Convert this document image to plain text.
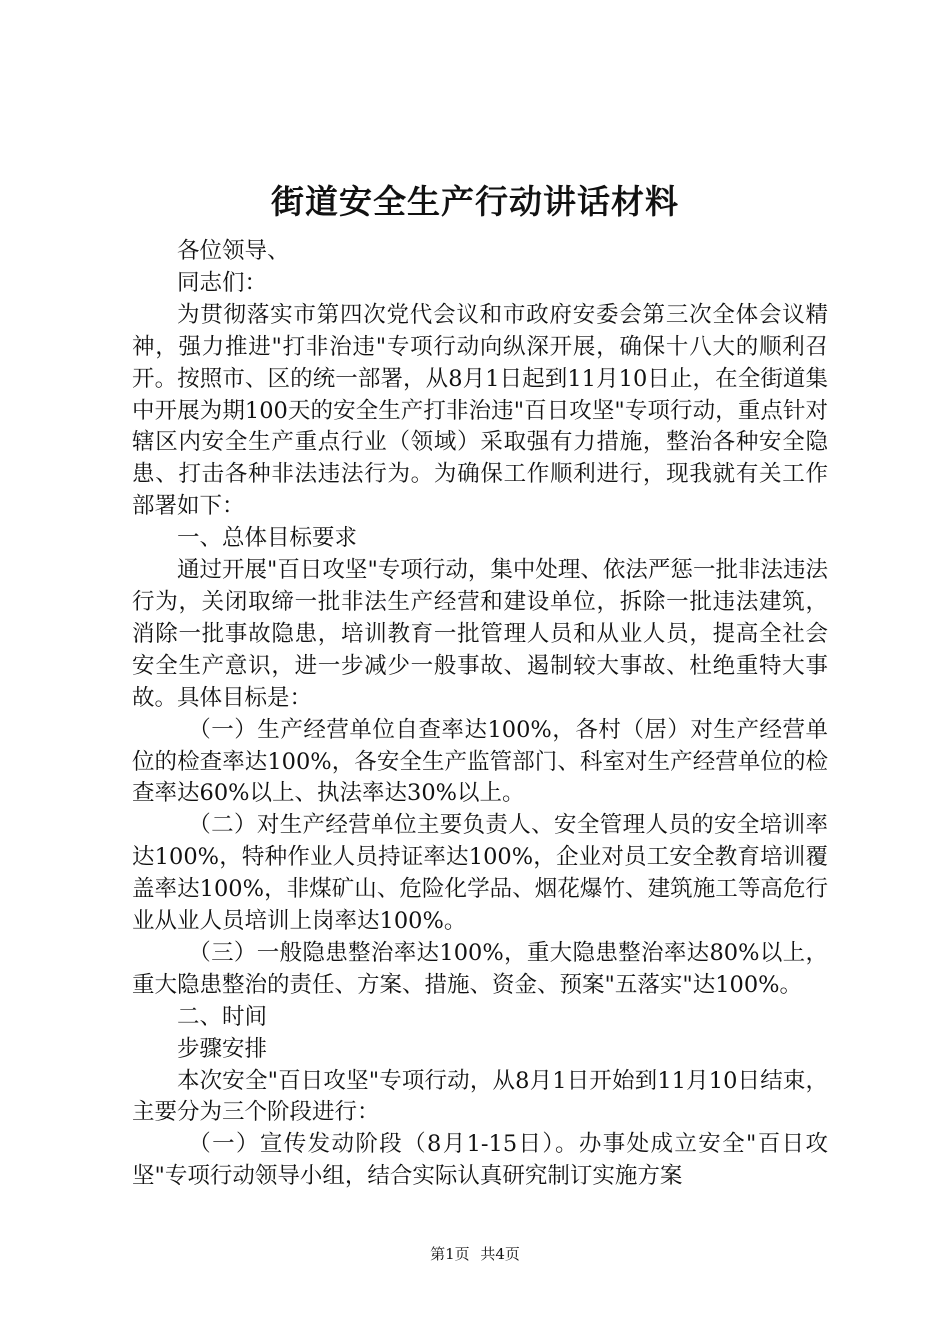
街道安全生产行动讲话材料

各位领导、

同志们：

为贯彻落实市第四次党代会议和市政府安委会第三次全体会议精神，强力推进"打非治违"专项行动向纵深开展，确保十八大的顺利召开。按照市、区的统一部署，从8月1日起到11月10日止，在全街道集中开展为期100天的安全生产打非治违"百日攻坚"专项行动，重点针对辖区内安全生产重点行业（领域）采取强有力措施，整治各种安全隐患、打击各种非法违法行为。为确保工作顺利进行，现我就有关工作部署如下：

一、总体目标要求

通过开展"百日攻坚"专项行动，集中处理、依法严惩一批非法违法行为，关闭取缔一批非法生产经营和建设单位，拆除一批违法建筑，消除一批事故隐患，培训教育一批管理人员和从业人员，提高全社会安全生产意识，进一步减少一般事故、遏制较大事故、杜绝重特大事故。具体目标是：

（一）生产经营单位自查率达100%，各村（居）对生产经营单位的检查率达100%，各安全生产监管部门、科室对生产经营单位的检查率达60%以上、执法率达30%以上。

（二）对生产经营单位主要负责人、安全管理人员的安全培训率达100%，特种作业人员持证率达100%，企业对员工安全教育培训覆盖率达100%，非煤矿山、危险化学品、烟花爆竹、建筑施工等高危行业从业人员培训上岗率达100%。

（三）一般隐患整治率达100%，重大隐患整治率达80%以上，重大隐患整治的责任、方案、措施、资金、预案"五落实"达100%。

二、时间

步骤安排

本次安全"百日攻坚"专项行动，从8月1日开始到11月10日结束，主要分为三个阶段进行：

（一）宣传发动阶段（8月1-15日）。办事处成立安全"百日攻坚"专项行动领导小组，结合实际认真研究制订实施方案

第1页 共4页
